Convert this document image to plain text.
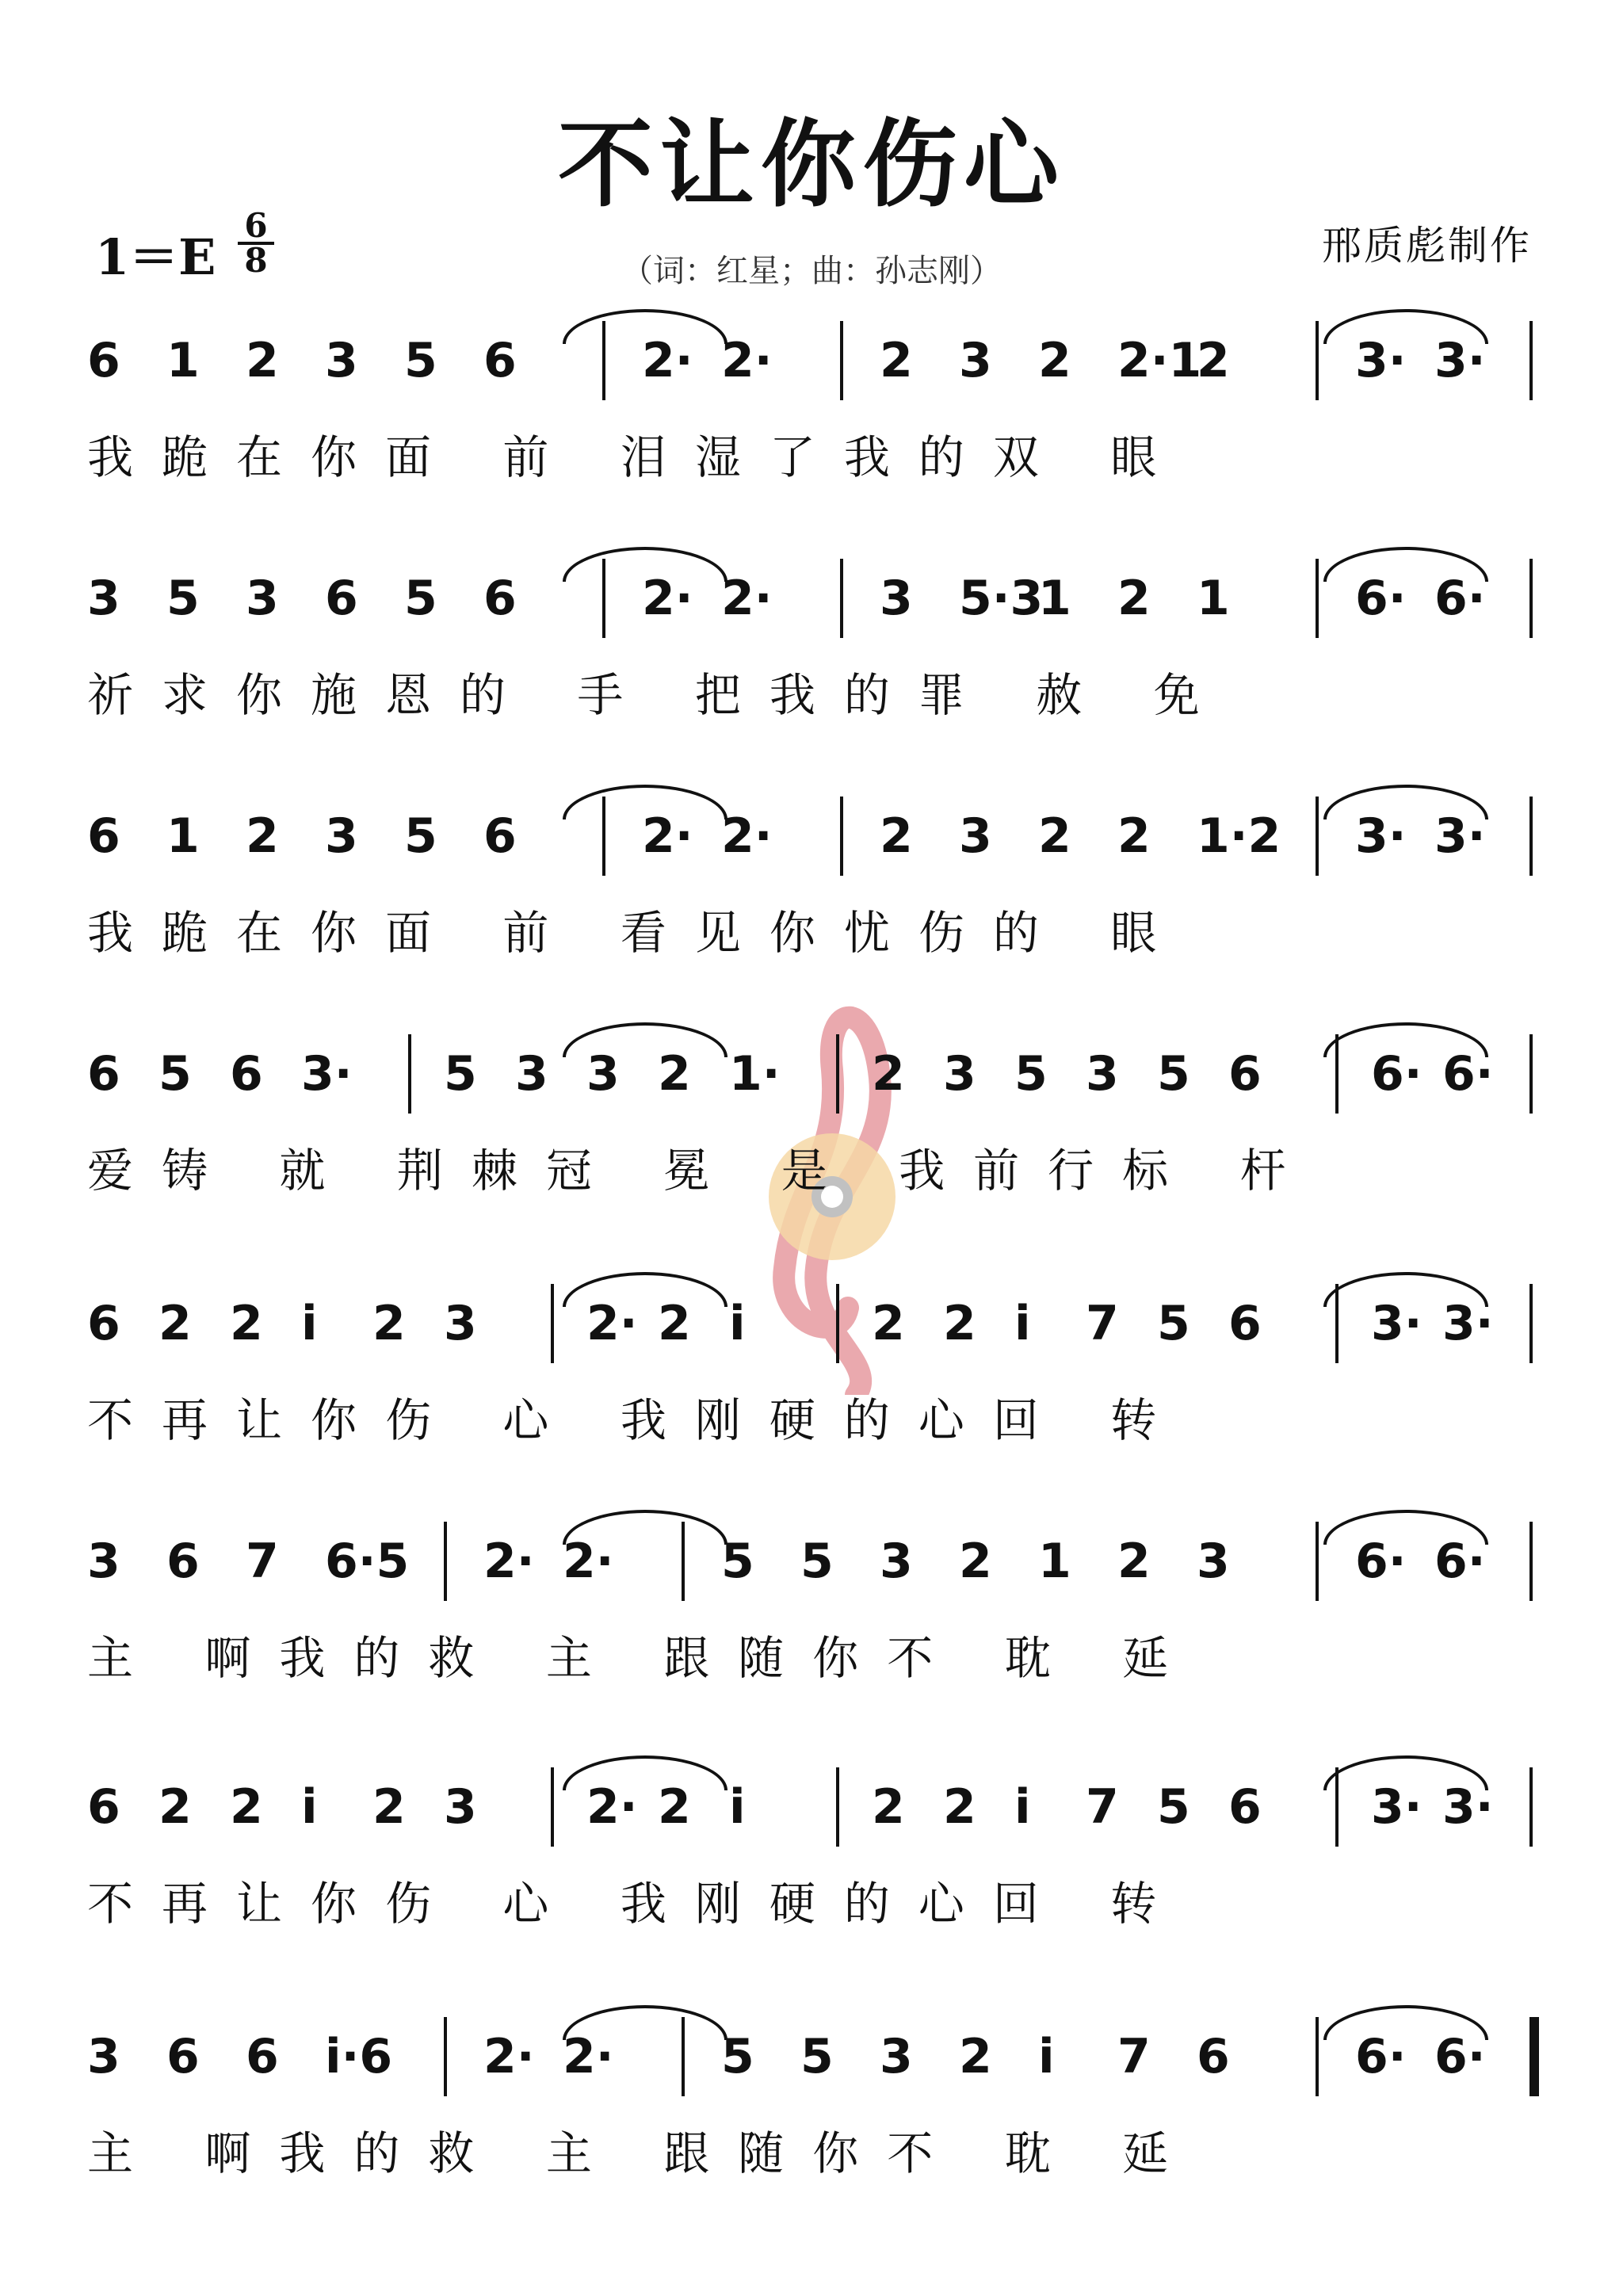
不让你伤心
1＝E
6
8	（词：红星；曲：孙志刚）
邢质彪制作
6 1 2 3 5 6	2· 2· 2 3 2 2·1
2	3· 3·
我跪在你面 前 泪湿了我的双 眼
3 5 3 6 5 6	2· 2· 3 5·3
1 2 1	6· 6·
祈求你施恩的 手 把我的罪 赦 免
6 1 2 3 5 6	2· 2· 2 3 2 2 1·2 3· 3·
我跪在你面 前 看见你忧伤的 眼
6 5 6 3· 5 3 3 2 1· 2 3 5 3 5 6 6· 6·
爱铸 就 荆棘冠 冕 是 我前行标 杆
6 2 2 i 2 3 2· 2 i	2 2 i 7 5 6 3· 3·
不再让你伤 心 我刚硬的心回 转
3 6 7 6·5 2· 2· 5 5 3 2 1 2 3	6· 6·
主 啊我的救 主 跟随你不 耽 延
6 2 2 i 2 3 2· 2 i	2 2 i 7 5 6 3· 3·
不再让你伤 心 我刚硬的心回 转
3 6 6 i·6 2· 2· 5 5 3 2 i 7 6	6· 6·
主 啊我的救 主 跟随你不 耽 延
